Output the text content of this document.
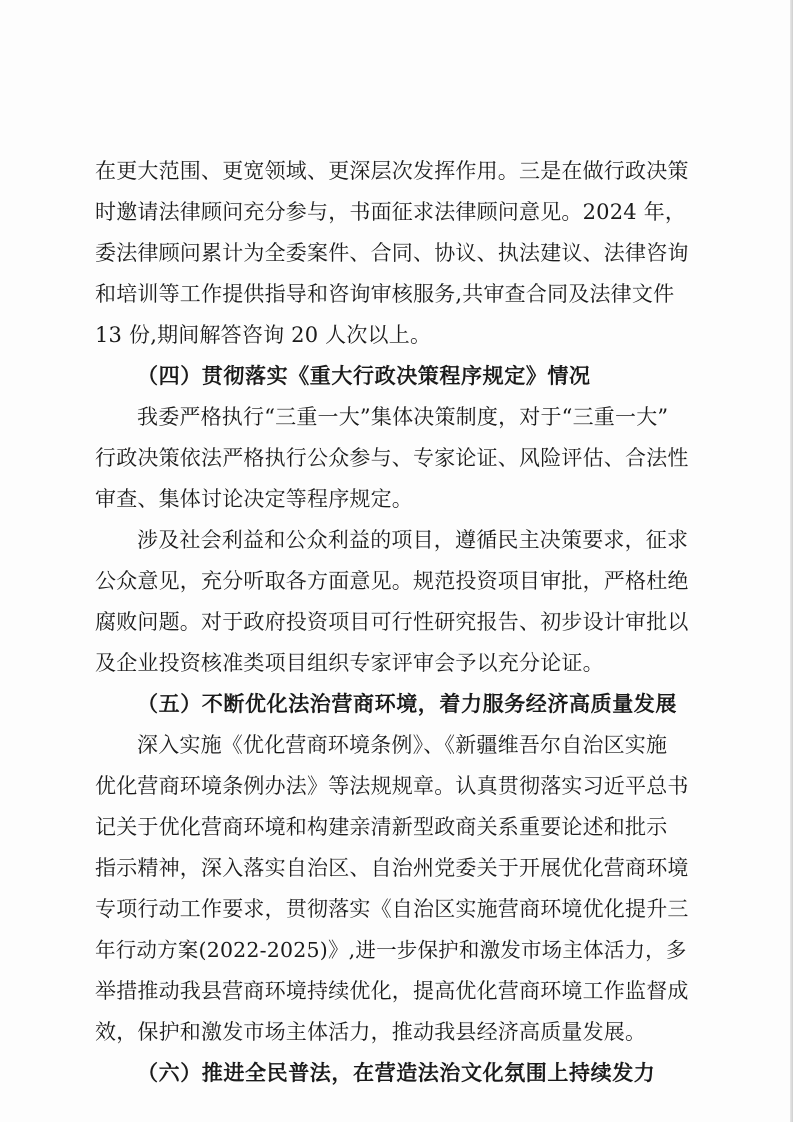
在更大范围、更宽领域、更深层次发挥作用。三是在做行政决策
时邀请法律顾问充分参与，书面征求法律顾问意见。2024 年，
委法律顾问累计为全委案件、合同、协议、执法建议、法律咨询
和培训等工作提供指导和咨询审核服务,共审查合同及法律文件
13 份,期间解答咨询 20 人次以上。
（四）贯彻落实《重大行政决策程序规定》情况
我委严格执行“三重一大”集体决策制度，对于“三重一大”
行政决策依法严格执行公众参与、专家论证、风险评估、合法性
审查、集体讨论决定等程序规定。
涉及社会利益和公众利益的项目，遵循民主决策要求，征求
公众意见，充分听取各方面意见。规范投资项目审批，严格杜绝
腐败问题。对于政府投资项目可行性研究报告、初步设计审批以
及企业投资核准类项目组织专家评审会予以充分论证。
（五）不断优化法治营商环境，着力服务经济高质量发展
深入实施《优化营商环境条例》、《新疆维吾尔自治区实施
优化营商环境条例办法》等法规规章。认真贯彻落实习近平总书
记关于优化营商环境和构建亲清新型政商关系重要论述和批示
指示精神，深入落实自治区、自治州党委关于开展优化营商环境
专项行动工作要求，贯彻落实《自治区实施营商环境优化提升三
年行动方案(2022-2025)》,进一步保护和激发市场主体活力，多
举措推动我县营商环境持续优化，提高优化营商环境工作监督成
效，保护和激发市场主体活力，推动我县经济高质量发展。
（六）推进全民普法，在营造法治文化氛围上持续发力
